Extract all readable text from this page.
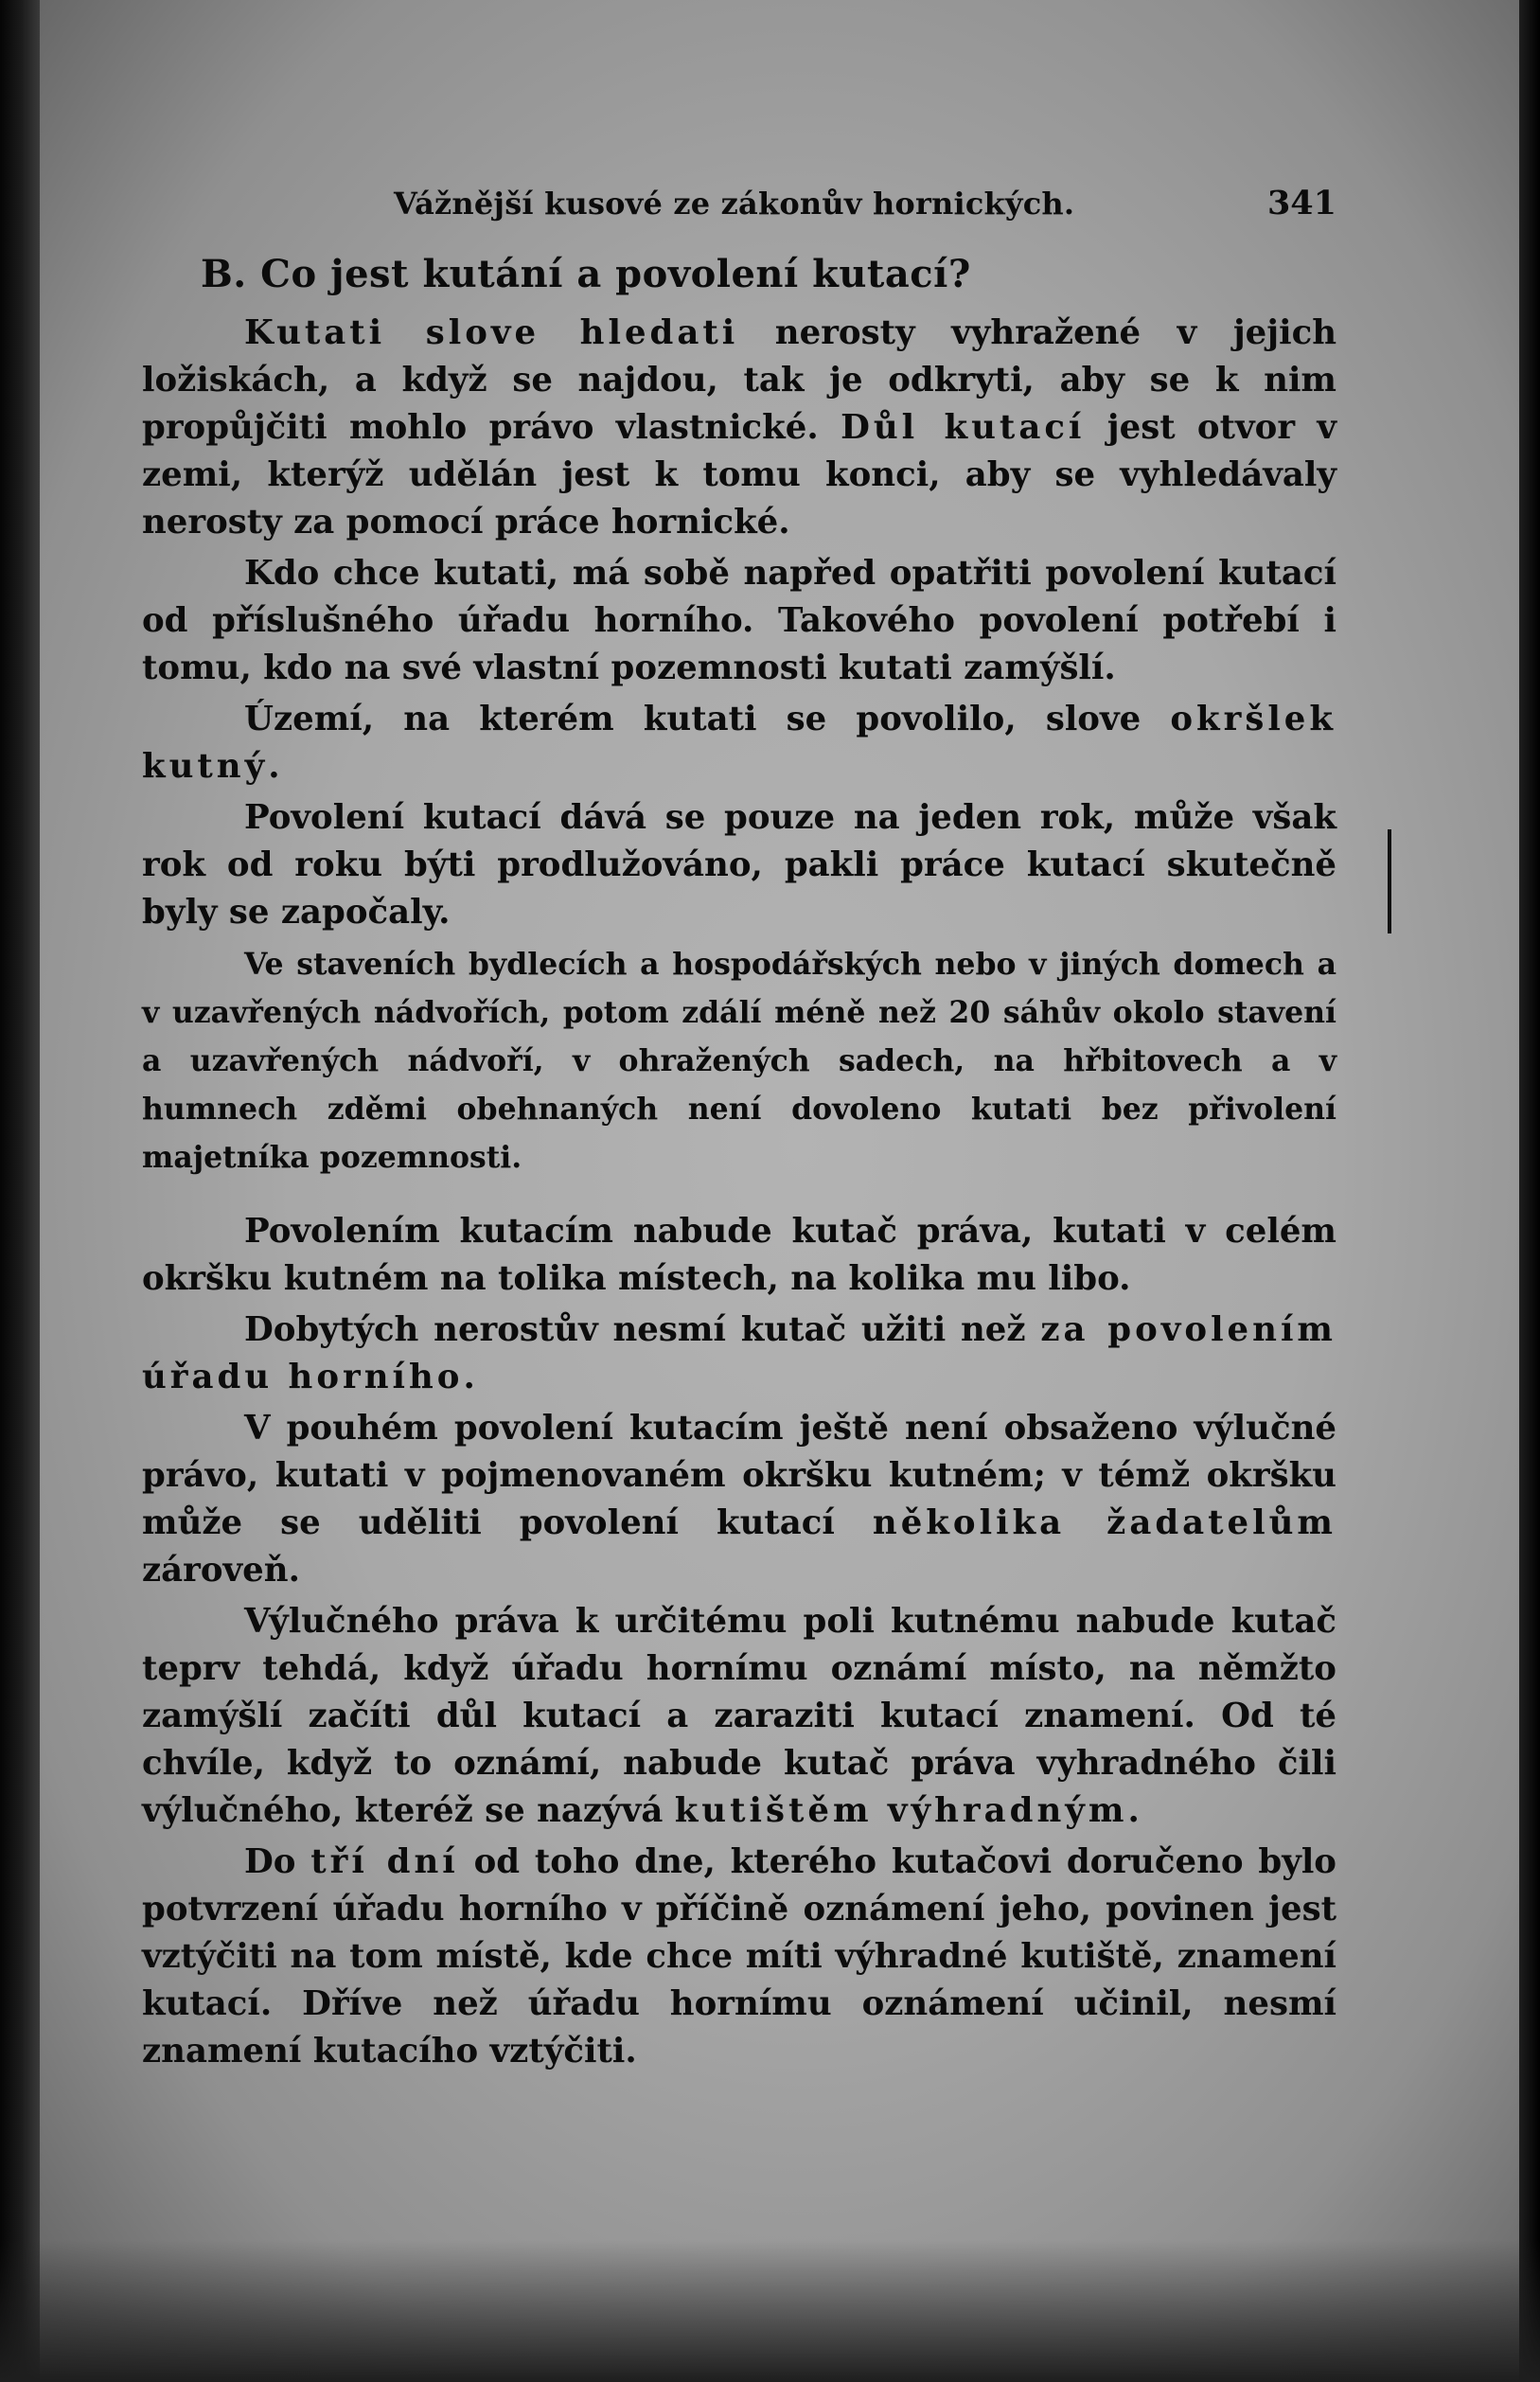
Vážnější kusové ze zákonův hornických.	341
B. Co jest kutání a povolení kutací?

Kutati slove hledati nerosty vyhražené v jejich ložiskách, a když se najdou, tak je odkryti, aby se k nim propůjčiti mohlo právo vlastnické. Důl kutací jest otvor v zemi, kterýž udělán jest k tomu konci, aby se vyhledávaly nerosty za pomocí práce hornické.

Kdo chce kutati, má sobě napřed opatřiti povolení kutací od příslušného úřadu horního. Takového povolení potřebí i tomu, kdo na své vlastní pozemnosti kutati zamýšlí.

Území, na kterém kutati se povolilo, slove okršlek kutný.

Povolení kutací dává se pouze na jeden rok, může však rok od roku býti prodlužováno, pakli práce kutací skutečně byly se započaly.

Ve staveních bydlecích a hospodářských nebo v jiných domech a v uzavřených nádvořích, potom zdálí méně než 20 sáhův okolo stavení a uzavřených nádvoří, v ohražených sadech, na hřbitovech a v humnech zděmi obehnaných není dovoleno kutati bez přivolení majetníka pozemnosti.

Povolením kutacím nabude kutač práva, kutati v celém okršku kutném na tolika místech, na kolika mu libo.

Dobytých nerostův nesmí kutač užiti než za povolením úřadu horního.

V pouhém povolení kutacím ještě není obsaženo výlučné právo, kutati v pojmenovaném okršku kutném; v témž okršku může se uděliti povolení kutací několika žadatelům zároveň.

Výlučného práva k určitému poli kutnému nabude kutač teprv tehdá, když úřadu hornímu oznámí místo, na němžto zamýšlí začíti důl kutací a zaraziti kutací znamení. Od té chvíle, když to oznámí, nabude kutač práva vyhradného čili výlučného, kteréž se nazývá kutištěm výhradným.

Do tří dní od toho dne, kterého kutačovi doručeno bylo potvrzení úřadu horního v příčině oznámení jeho, povinen jest vztýčiti na tom místě, kde chce míti výhradné kutiště, znamení kutací. Dříve než úřadu hornímu oznámení učinil, nesmí znamení kutacího vztýčiti.
